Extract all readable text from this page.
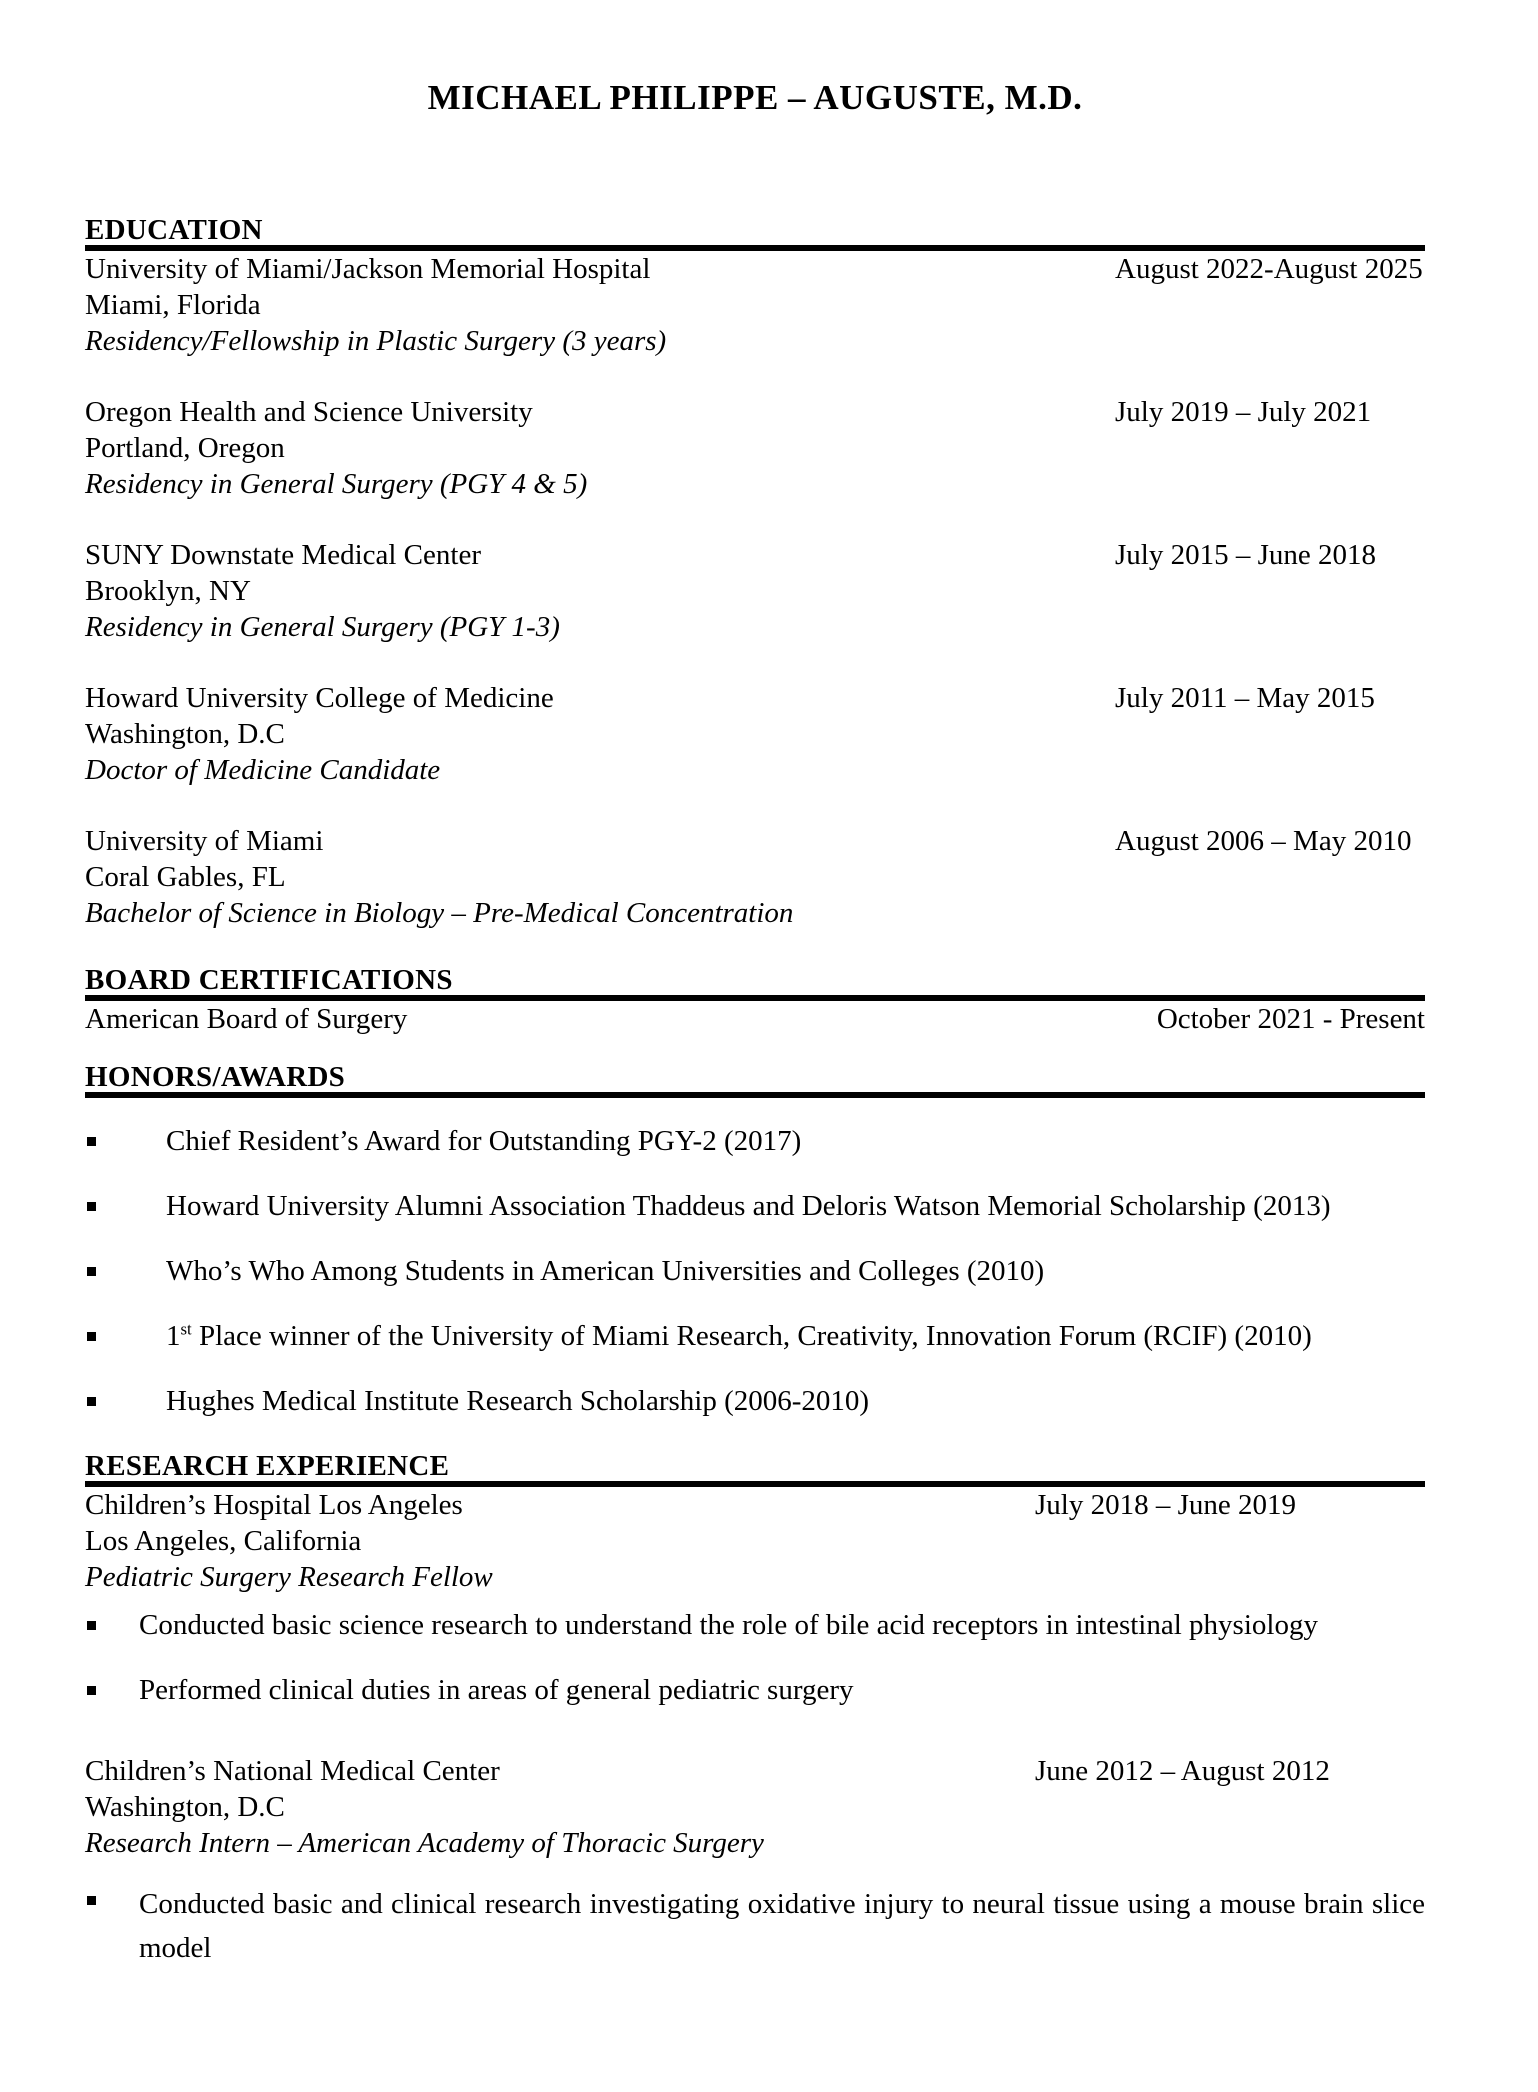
MICHAEL PHILIPPE – AUGUSTE, M.D.
EDUCATION
University of Miami/Jackson Memorial Hospital	August 2022-August 2025
Miami, Florida
Residency/Fellowship in Plastic Surgery (3 years)
Oregon Health and Science University	July 2019 – July 2021
Portland, Oregon
Residency in General Surgery (PGY 4 & 5)
SUNY Downstate Medical Center	July 2015 – June 2018
Brooklyn, NY
Residency in General Surgery (PGY 1-3)
Howard University College of Medicine	July 2011 – May 2015
Washington, D.C
Doctor of Medicine Candidate
University of Miami	August 2006 – May 2010
Coral Gables, FL
Bachelor of Science in Biology – Pre-Medical Concentration
BOARD CERTIFICATIONS
American Board of Surgery	October 2021 - Present
HONORS/AWARDS
Chief Resident’s Award for Outstanding PGY-2 (2017)
Howard University Alumni Association Thaddeus and Deloris Watson Memorial Scholarship (2013)
Who’s Who Among Students in American Universities and Colleges (2010)
1st Place winner of the University of Miami Research, Creativity, Innovation Forum (RCIF) (2010)
Hughes Medical Institute Research Scholarship (2006-2010)
RESEARCH EXPERIENCE
Children’s Hospital Los Angeles	July 2018 – June 2019
Los Angeles, California
Pediatric Surgery Research Fellow
Conducted basic science research to understand the role of bile acid receptors in intestinal physiology
Performed clinical duties in areas of general pediatric surgery
Children’s National Medical Center	June 2012 – August 2012
Washington, D.C
Research Intern – American Academy of Thoracic Surgery
Conducted basic and clinical research investigating oxidative injury to neural tissue using a mouse brain slice model
